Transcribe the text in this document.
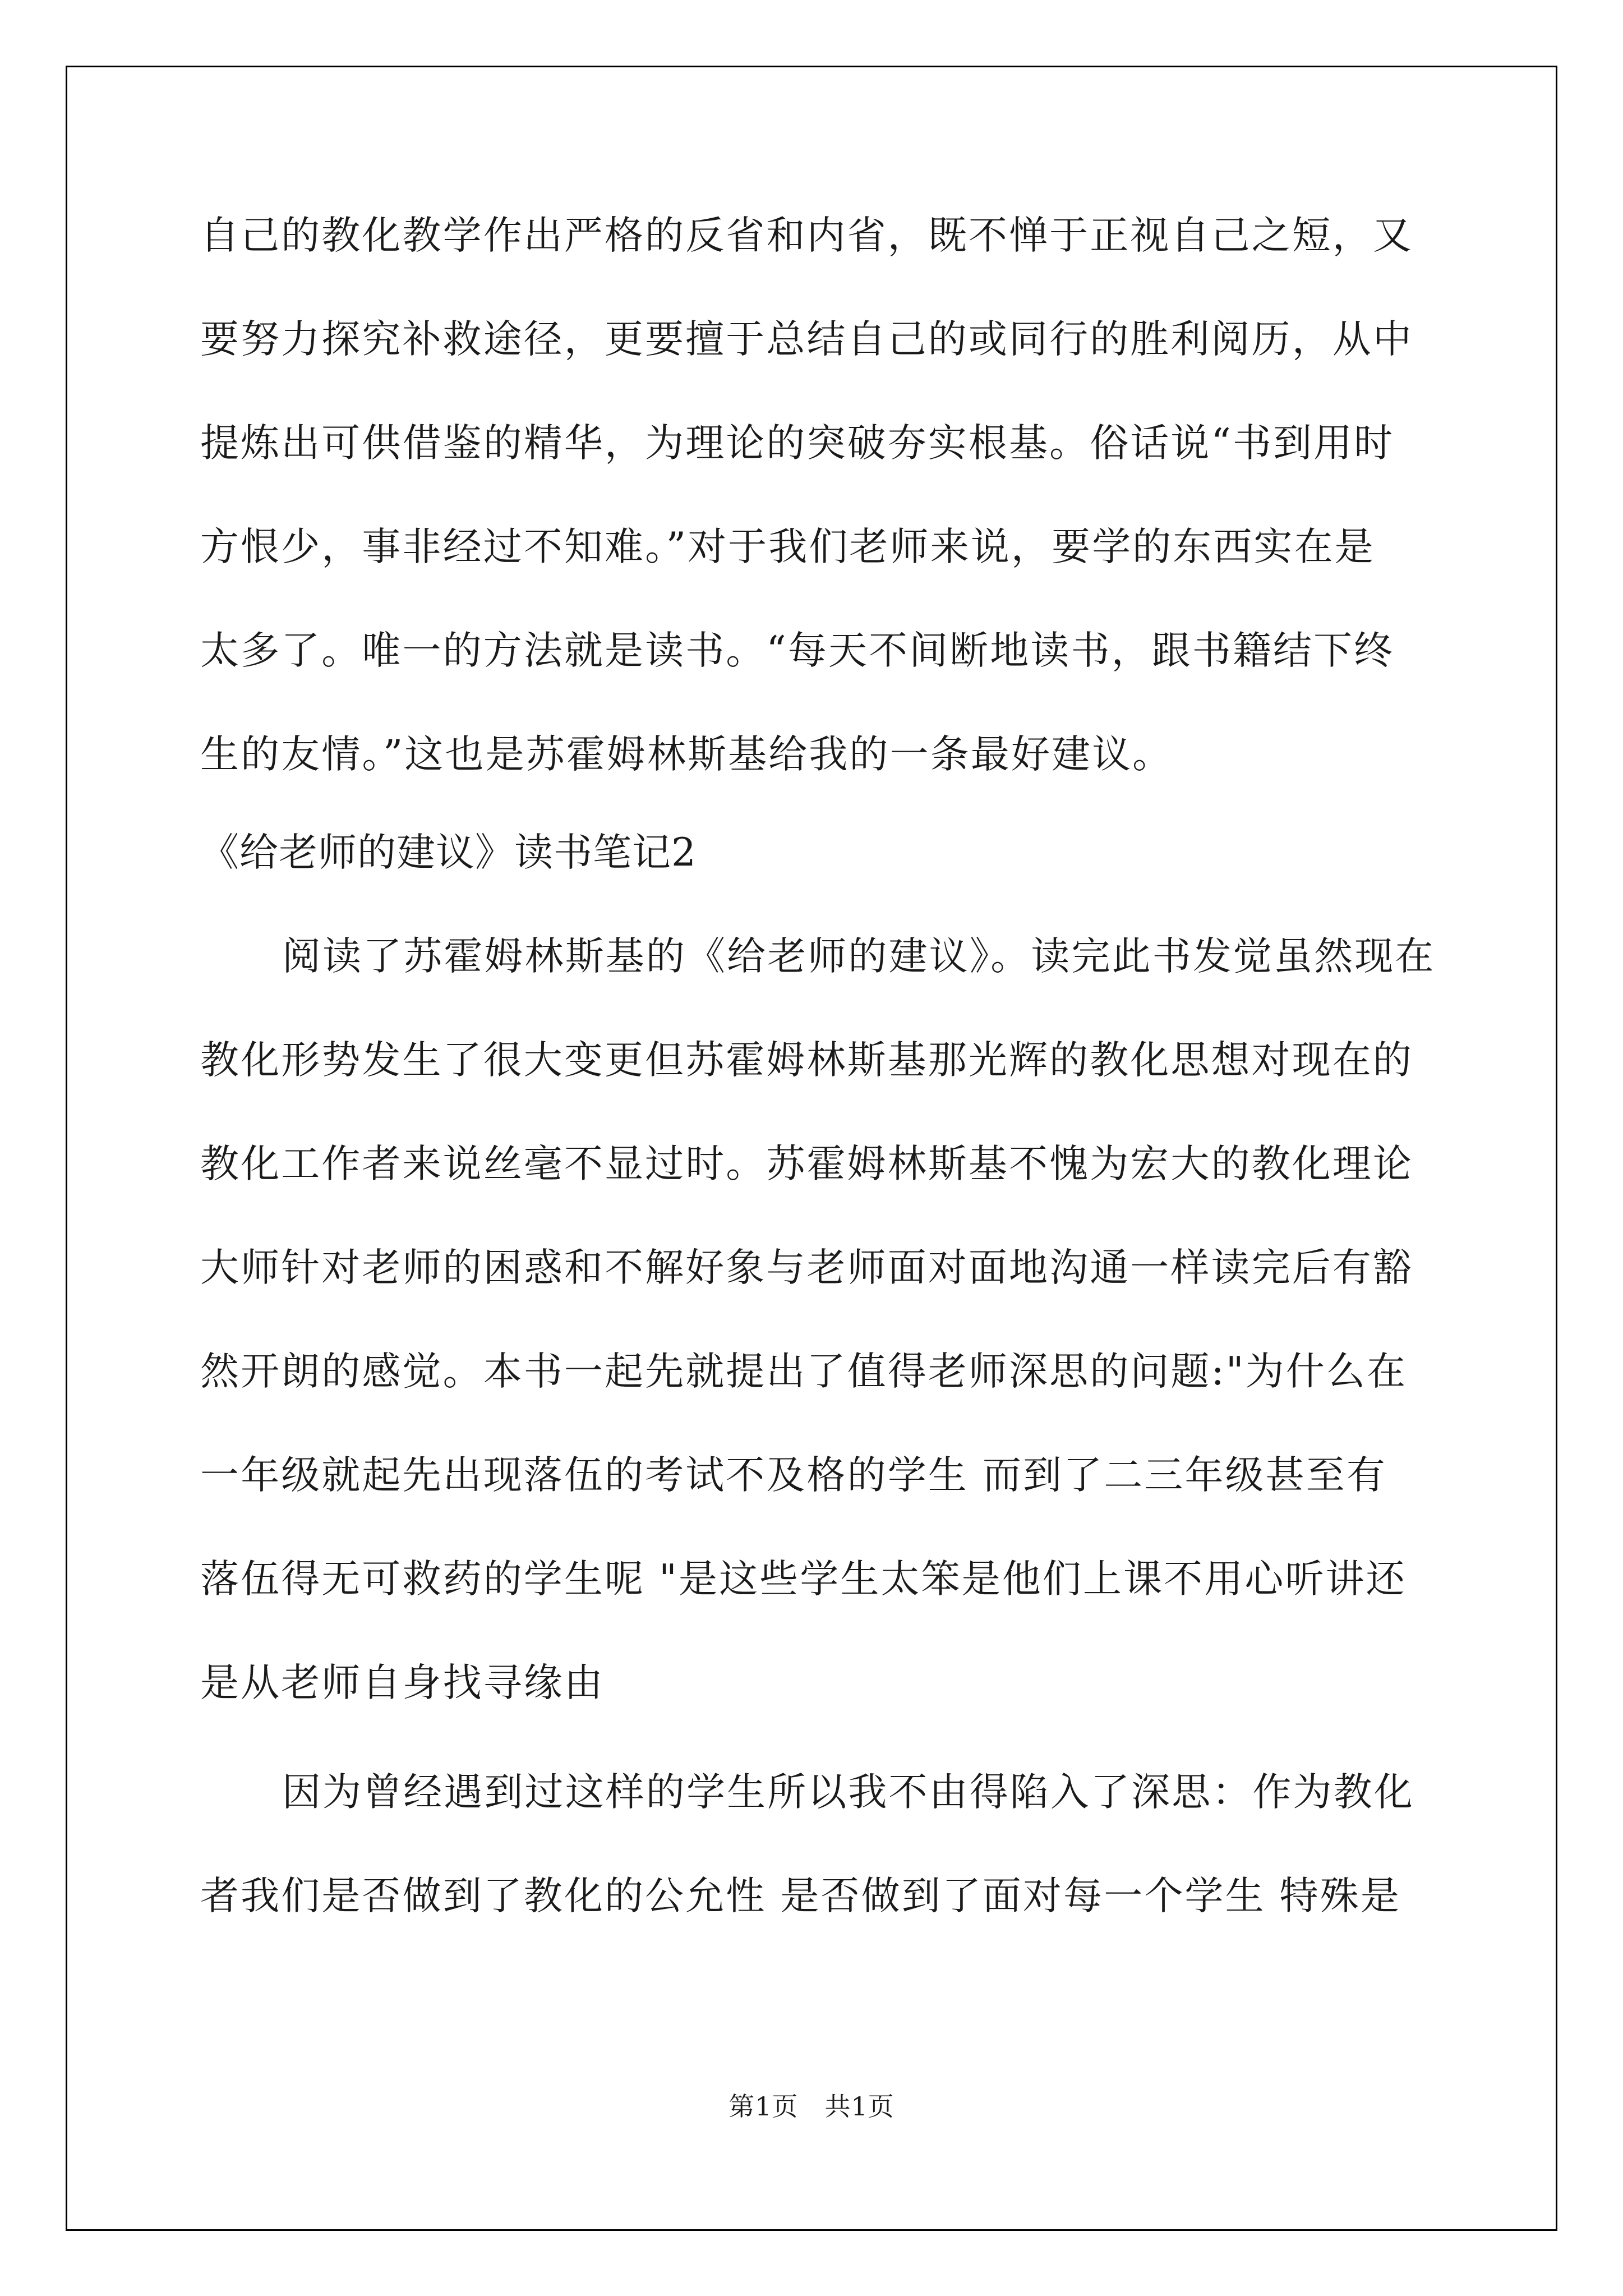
自己的教化教学作出严格的反省和内省，既不惮于正视自己之短，又
要努力探究补救途径，更要擅于总结自己的或同行的胜利阅历，从中
提炼出可供借鉴的精华，为理论的突破夯实根基。俗话说“书到用时
方恨少，事非经过不知难。”对于我们老师来说，要学的东西实在是
太多了。唯一的方法就是读书。“每天不间断地读书，跟书籍结下终
生的友情。”这也是苏霍姆林斯基给我的一条最好建议。
《给老师的建议》读书笔记2
阅读了苏霍姆林斯基的《给老师的建议》。读完此书发觉虽然现在
教化形势发生了很大变更但苏霍姆林斯基那光辉的教化思想对现在的
教化工作者来说丝毫不显过时。苏霍姆林斯基不愧为宏大的教化理论
大师针对老师的困惑和不解好象与老师面对面地沟通一样读完后有豁
然开朗的感觉。本书一起先就提出了值得老师深思的问题:"为什么在
一年级就起先出现落伍的考试不及格的学生 而到了二三年级甚至有
落伍得无可救药的学生呢 "是这些学生太笨是他们上课不用心听讲还
是从老师自身找寻缘由
因为曾经遇到过这样的学生所以我不由得陷入了深思：作为教化
者我们是否做到了教化的公允性 是否做到了面对每一个学生 特殊是
第1页　共1页
